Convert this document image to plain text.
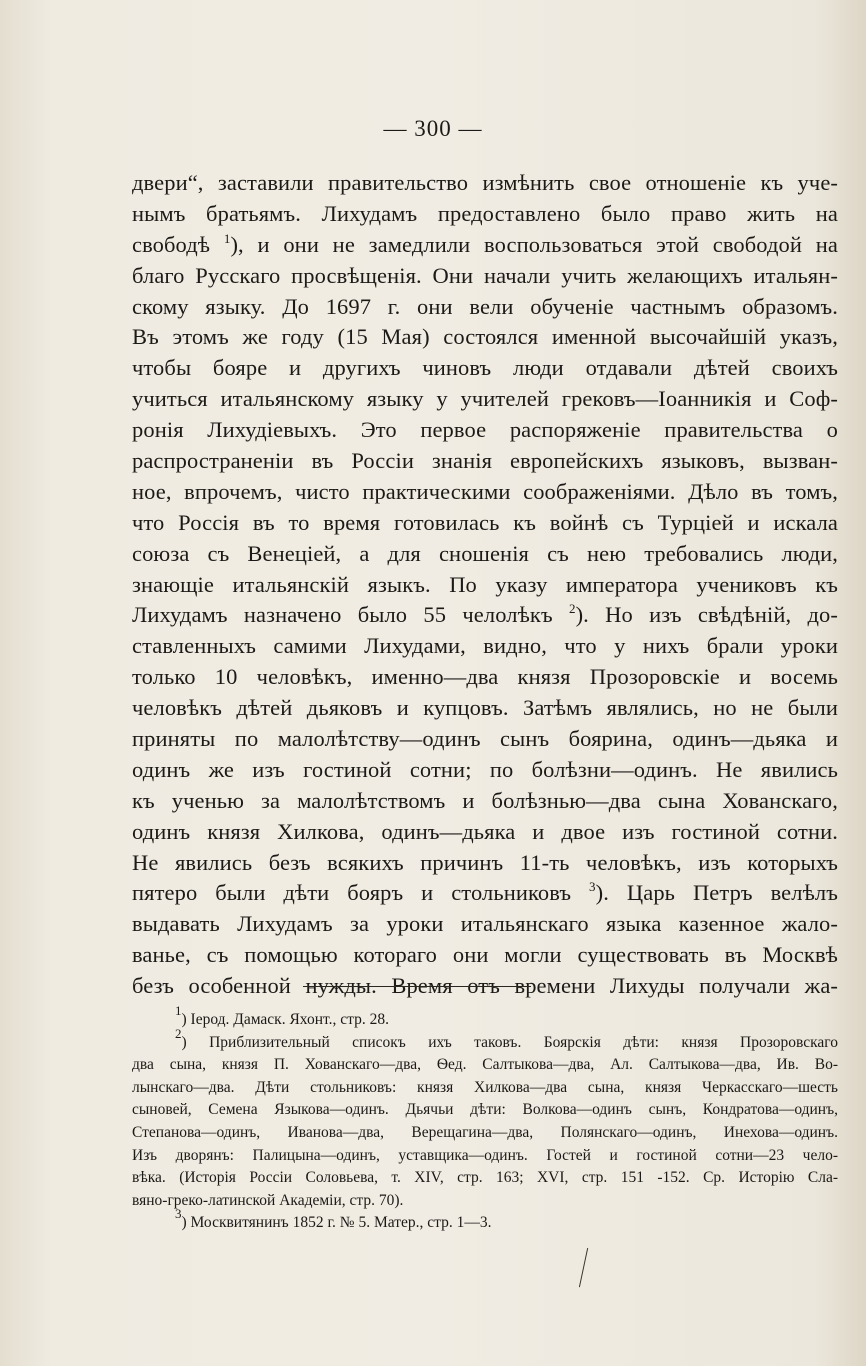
— 300 —
двери“, заставили правительство измѣнить свое отношеніе къ уче-
нымъ братьямъ. Лихудамъ предоставлено было право жить на
свободѣ $^1$), и они не замедлили воспользоваться этой свободой на
благо Русскаго просвѣщенія. Они начали учить желающихъ итальян-
скому языку. До 1697 г. они вели обученіе частнымъ образомъ.
Въ этомъ же году (15 Мая) состоялся именной высочайшій указъ,
чтобы бояре и другихъ чиновъ люди отдавали дѣтей своихъ
учиться итальянскому языку у учителей грековъ—Іоанникія и Соф-
ронія Лихудіевыхъ. Это первое распоряженіе правительства о
распространеніи въ Россіи знанія европейскихъ языковъ, вызван-
ное, впрочемъ, чисто практическими соображеніями. Дѣло въ томъ,
что Россія въ то время готовилась къ войнѣ съ Турціей и искала
союза съ Венеціей, а для сношенія съ нею требовались люди,
знающіе итальянскій языкъ. По указу императора учениковъ къ
Лихудамъ назначено было 55 челолѣкъ $^2$). Но изъ свѣдѣній, до-
ставленныхъ самими Лихудами, видно, что у нихъ брали уроки
только 10 человѣкъ, именно—два князя Прозоровскіе и восемь
человѣкъ дѣтей дьяковъ и купцовъ. Затѣмъ являлись, но не были
приняты по малолѣтству—одинъ сынъ боярина, одинъ—дьяка и
одинъ же изъ гостиной сотни; по болѣзни—одинъ. Не явились
къ ученью за малолѣтствомъ и болѣзнью—два сына Хованскаго,
одинъ князя Хилкова, одинъ—дьяка и двое изъ гостиной сотни.
Не явились безъ всякихъ причинъ 11-ть человѣкъ, изъ которыхъ
пятеро были дѣти бояръ и стольниковъ $^3$). Царь Петръ велѣлъ
выдавать Лихудамъ за уроки итальянскаго языка казенное жало-
ванье, съ помощью котораго они могли существовать въ Москвѣ
безъ особенной нужды. Время отъ времени Лихуды получали жа-
$^1$) Іерод. Дамаск. Яхонт., стр. 28.
$^2$) Приблизительный списокъ ихъ таковъ. Боярскія дѣти: князя Прозоровскаго
два сына, князя П. Хованскаго—два, Ѳед. Салтыкова—два, Ал. Салтыкова—два, Ив. Во-
лынскаго—два. Дѣти стольниковъ: князя Хилкова—два сына, князя Черкасскаго—шесть
сыновей, Семена Языкова—одинъ. Дьячьи дѣти: Волкова—одинъ сынъ, Кондратова—одинъ,
Степанова—одинъ, Иванова—два, Верещагина—два, Полянскаго—одинъ, Инехова—одинъ.
Изъ дворянъ: Палицына—одинъ, уставщика—одинъ. Гостей и гостиной сотни—23 чело-
вѣка. (Исторія Россіи Соловьева, т. XIV, стр. 163; XVI, стр. 151 -152. Ср. Исторію Сла-
вяно-греко-латинской Академіи, стр. 70).
$^3$) Москвитянинъ 1852 г. № 5. Матер., стр. 1—3.
